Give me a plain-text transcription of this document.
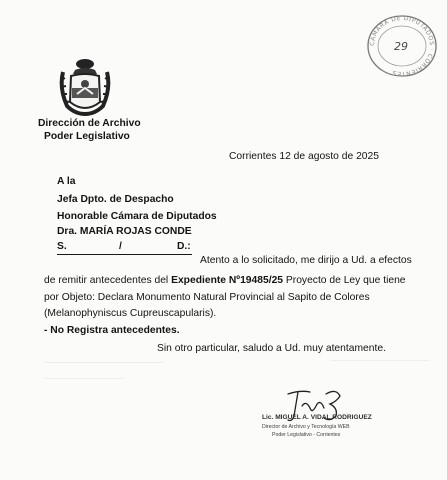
Dirección de Archivo
Poder Legislativo
CÁMARA DE DIPUTADOS · CORRIENTES
29
Corrientes 12 de agosto de 2025
A la
Jefa Dpto. de Despacho
Honorable Cámara de Diputados
Dra. MARÍA ROJAS CONDE
S.	/	D.:
Atento a lo solicitado, me dirijo a Ud. a efectos
de remitir antecedentes del Expediente Nº19485/25 Proyecto de Ley que tiene
por Objeto: Declara Monumento Natural Provincial al Sapito de Colores
(Melanophyniscus Cupreuscapularis).
- No Registra antecedentes.
Sin otro particular, saludo a Ud. muy atentamente.
Lic. MIGUEL A. VIDAL RODRIGUEZ
Director de Archivo y Tecnología WEB
Poder Legislativo - Corrientes
